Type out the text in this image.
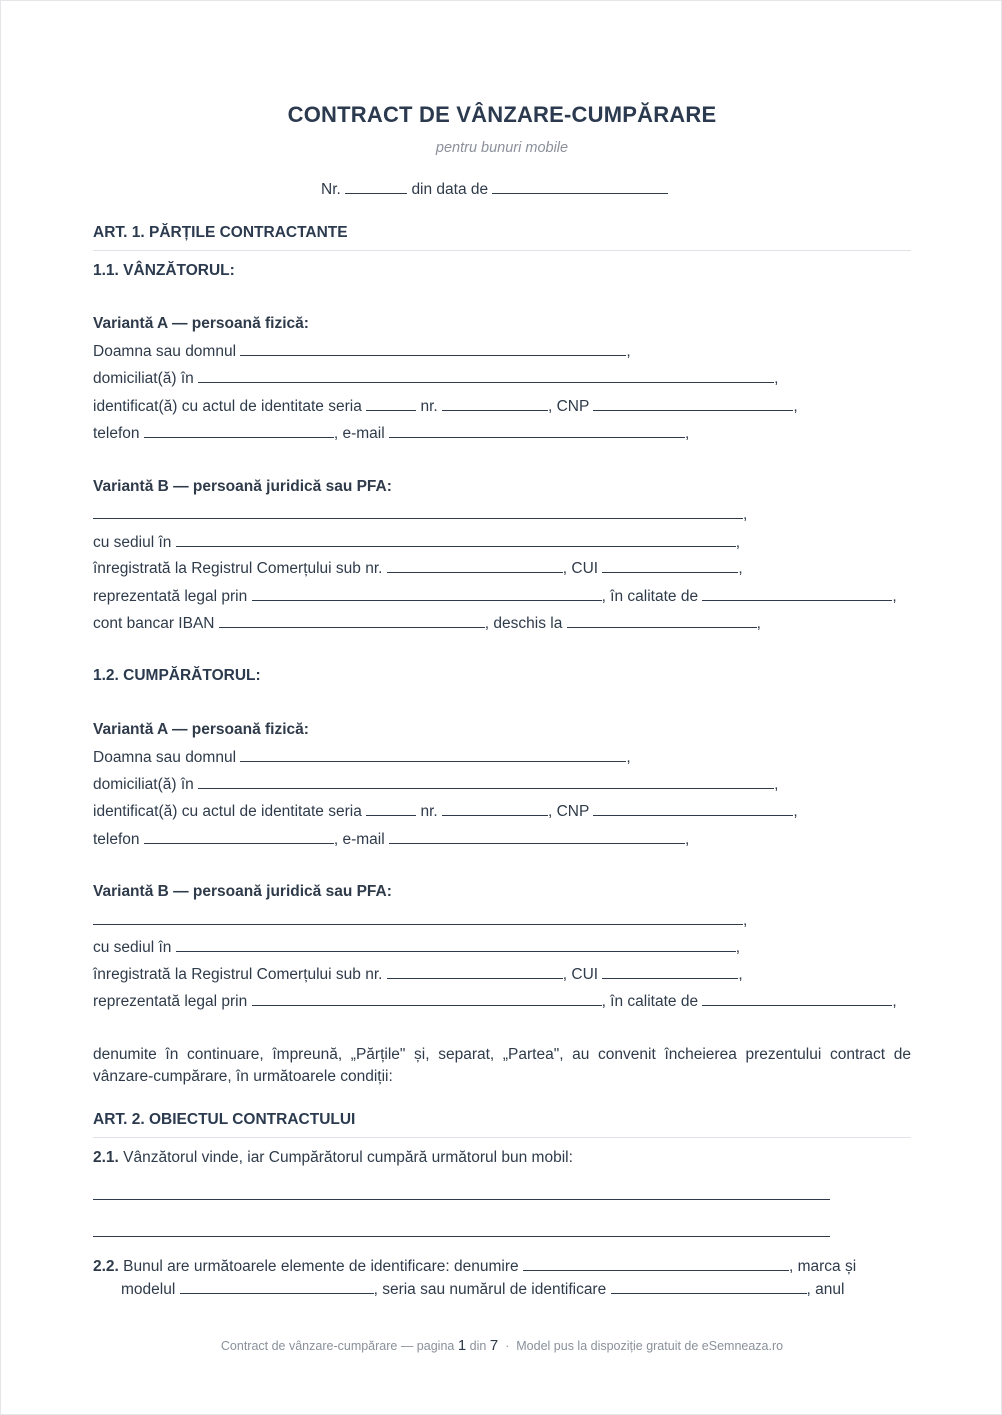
CONTRACT DE VÂNZARE-CUMPĂRARE
pentru bunuri mobile
Nr.	din data de
ART. 1. PĂRȚILE CONTRACTANTE
1.1. VÂNZĂTORUL:
Variantă A — persoană fizică:
Doamna sau domnul	,
domiciliat(ă) în	,
identificat(ă) cu actul de identitate seria	nr.	, CNP	,
telefon	, e-mail	,
Variantă B — persoană juridică sau PFA:
,
cu sediul în	,
înregistrată la Registrul Comerțului sub nr.	, CUI	,
reprezentată legal prin	, în calitate de	,
cont bancar IBAN	, deschis la	,
1.2. CUMPĂRĂTORUL:
Variantă A — persoană fizică:
Doamna sau domnul	,
domiciliat(ă) în	,
identificat(ă) cu actul de identitate seria	nr.	, CNP	,
telefon	, e-mail	,
Variantă B — persoană juridică sau PFA:
,
cu sediul în	,
înregistrată la Registrul Comerțului sub nr.	, CUI	,
reprezentată legal prin	, în calitate de	,
denumite în continuare, împreună, „Părțile" și, separat, „Partea", au convenit încheierea prezentului contract de vânzare-cumpărare, în următoarele condiții:
ART. 2. OBIECTUL CONTRACTULUI
2.1. Vânzătorul vinde, iar Cumpărătorul cumpără următorul bun mobil:
2.2. Bunul are următoarele elemente de identificare: denumire	, marca și
modelul	, seria sau numărul de identificare	, anul
Contract de vânzare-cumpărare — pagina 1 din 7 · Model pus la dispoziție gratuit de eSemneaza.ro
